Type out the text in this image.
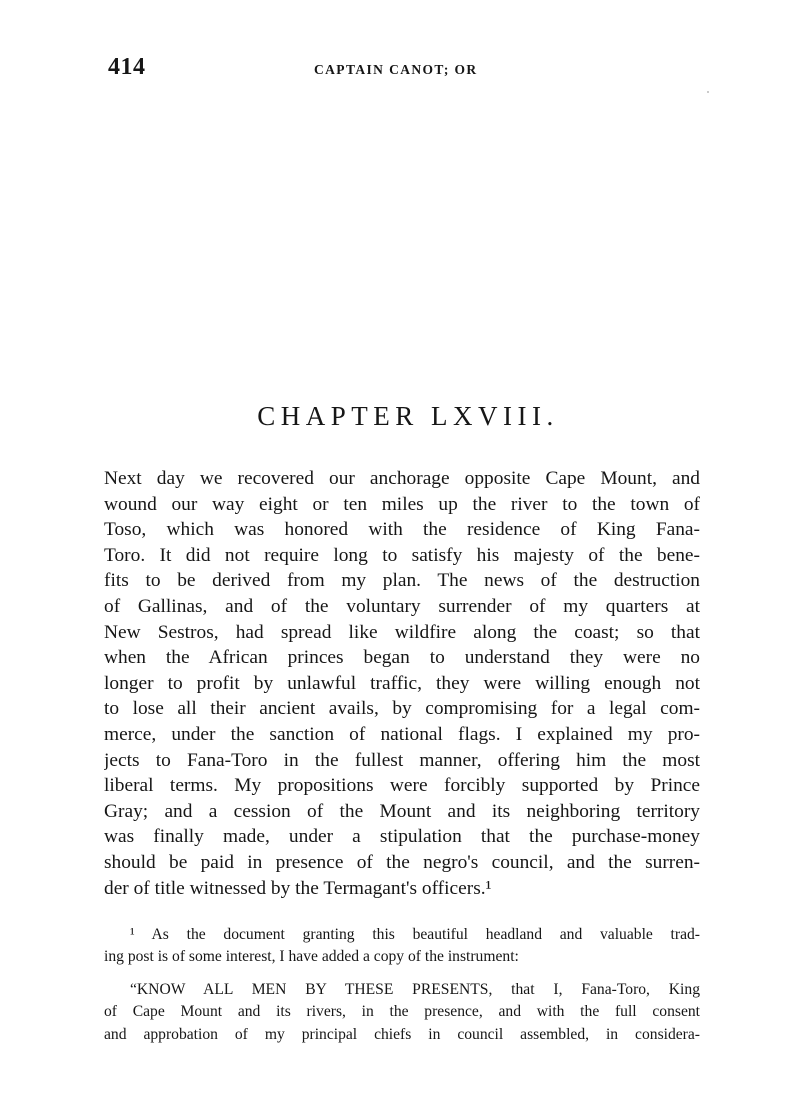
414	CAPTAIN CANOT; OR
CHAPTER LXVIII.
Next day we recovered our anchorage opposite Cape Mount, and
wound our way eight or ten miles up the river to the town of
Toso, which was honored with the residence of King Fana-
Toro. It did not require long to satisfy his majesty of the bene-
fits to be derived from my plan. The news of the destruction
of Gallinas, and of the voluntary surrender of my quarters at
New Sestros, had spread like wildfire along the coast; so that
when the African princes began to understand they were no
longer to profit by unlawful traffic, they were willing enough not
to lose all their ancient avails, by compromising for a legal com-
merce, under the sanction of national flags. I explained my pro-
jects to Fana-Toro in the fullest manner, offering him the most
liberal terms. My propositions were forcibly supported by Prince
Gray; and a cession of the Mount and its neighboring territory
was finally made, under a stipulation that the purchase-money
should be paid in presence of the negro's council, and the surren-
der of title witnessed by the Termagant's officers.¹
¹ As the document granting this beautiful headland and valuable trad-
ing post is of some interest, I have added a copy of the instrument:
“KNOW ALL MEN BY THESE PRESENTS, that I, Fana-Toro, King
of Cape Mount and its rivers, in the presence, and with the full consent
and approbation of my principal chiefs in council assembled, in considera-
